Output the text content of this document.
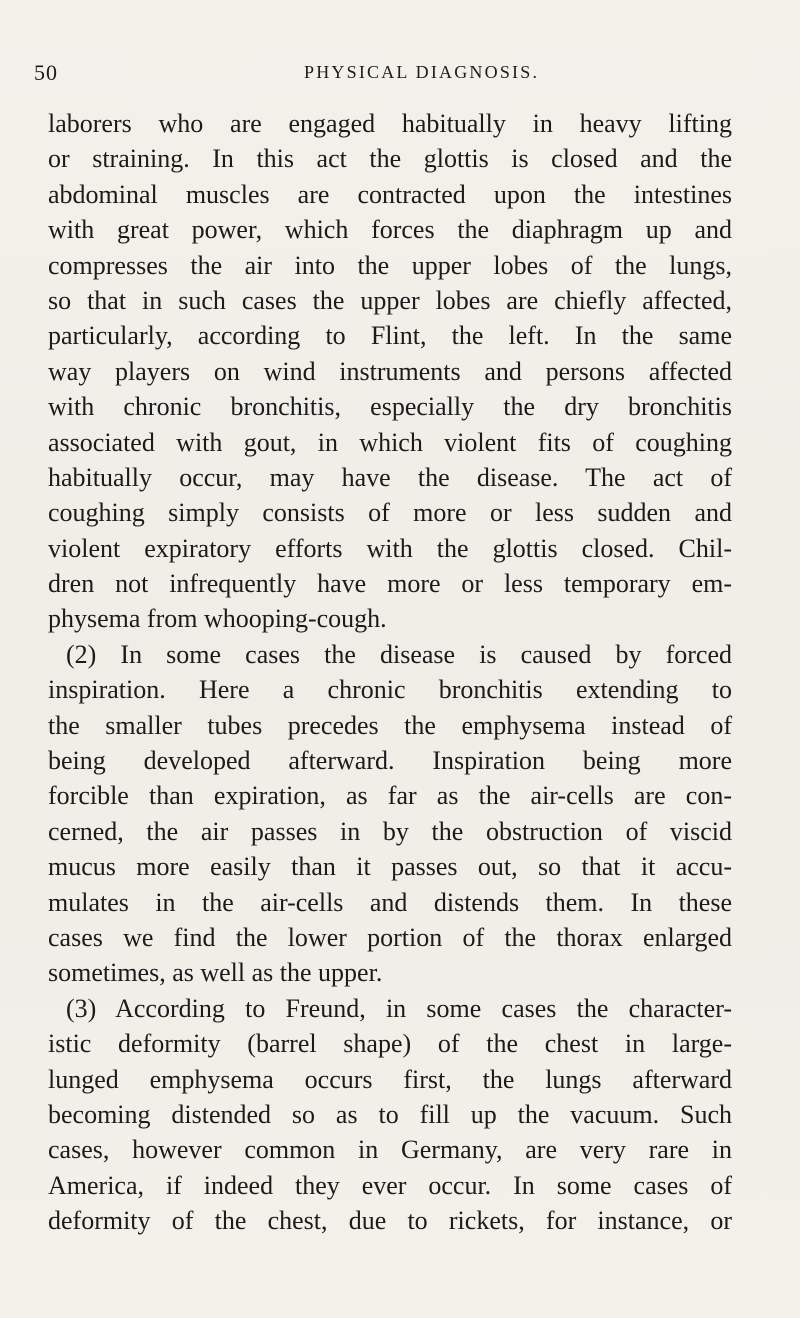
50	PHYSICAL DIAGNOSIS.
laborers who are engaged habitually in heavy lifting
or straining. In this act the glottis is closed and the
abdominal muscles are contracted upon the intestines
with great power, which forces the diaphragm up and
compresses the air into the upper lobes of the lungs,
so that in such cases the upper lobes are chiefly affected,
particularly, according to Flint, the left. In the same
way players on wind instruments and persons affected
with chronic bronchitis, especially the dry bronchitis
associated with gout, in which violent fits of coughing
habitually occur, may have the disease. The act of
coughing simply consists of more or less sudden and
violent expiratory efforts with the glottis closed. Chil-
dren not infrequently have more or less temporary em-
physema from whooping-cough.
(2) In some cases the disease is caused by forced
inspiration. Here a chronic bronchitis extending to
the smaller tubes precedes the emphysema instead of
being developed afterward. Inspiration being more
forcible than expiration, as far as the air-cells are con-
cerned, the air passes in by the obstruction of viscid
mucus more easily than it passes out, so that it accu-
mulates in the air-cells and distends them. In these
cases we find the lower portion of the thorax enlarged
sometimes, as well as the upper.
(3) According to Freund, in some cases the character-
istic deformity (barrel shape) of the chest in large-
lunged emphysema occurs first, the lungs afterward
becoming distended so as to fill up the vacuum. Such
cases, however common in Germany, are very rare in
America, if indeed they ever occur. In some cases of
deformity of the chest, due to rickets, for instance, or
